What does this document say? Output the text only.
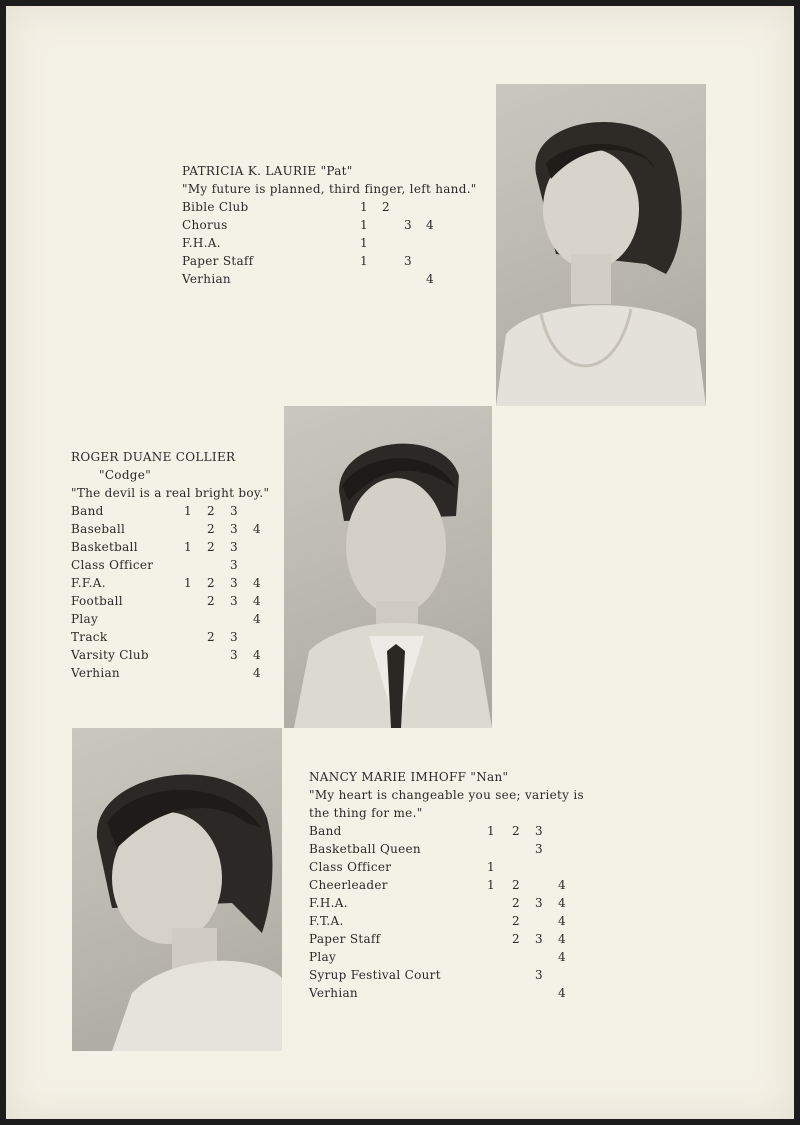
PATRICIA K. LAURIE "Pat"
"My future is planned, third finger, left hand."
Bible Club	1 2
Chorus	1	3 4
F.H.A.	1
Paper Staff	1	3
Verhian	4
ROGER DUANE COLLIER
"Codge"
"The devil is a real bright boy."
Band	1 2 3
Baseball	2 3 4
Basketball	1 2 3
Class Officer	3
F.F.A.	1 2 3 4
Football	2 3 4
Play	4
Track	2 3
Varsity Club	3 4
Verhian	4
NANCY MARIE IMHOFF "Nan"
"My heart is changeable you see; variety is
the thing for me."
Band	1 2 3
Basketball Queen	3
Class Officer	1
Cheerleader	1 2	4
F.H.A.	2 3 4
F.T.A.	2	4
Paper Staff	2 3 4
Play	4
Syrup Festival Court	3
Verhian	4
